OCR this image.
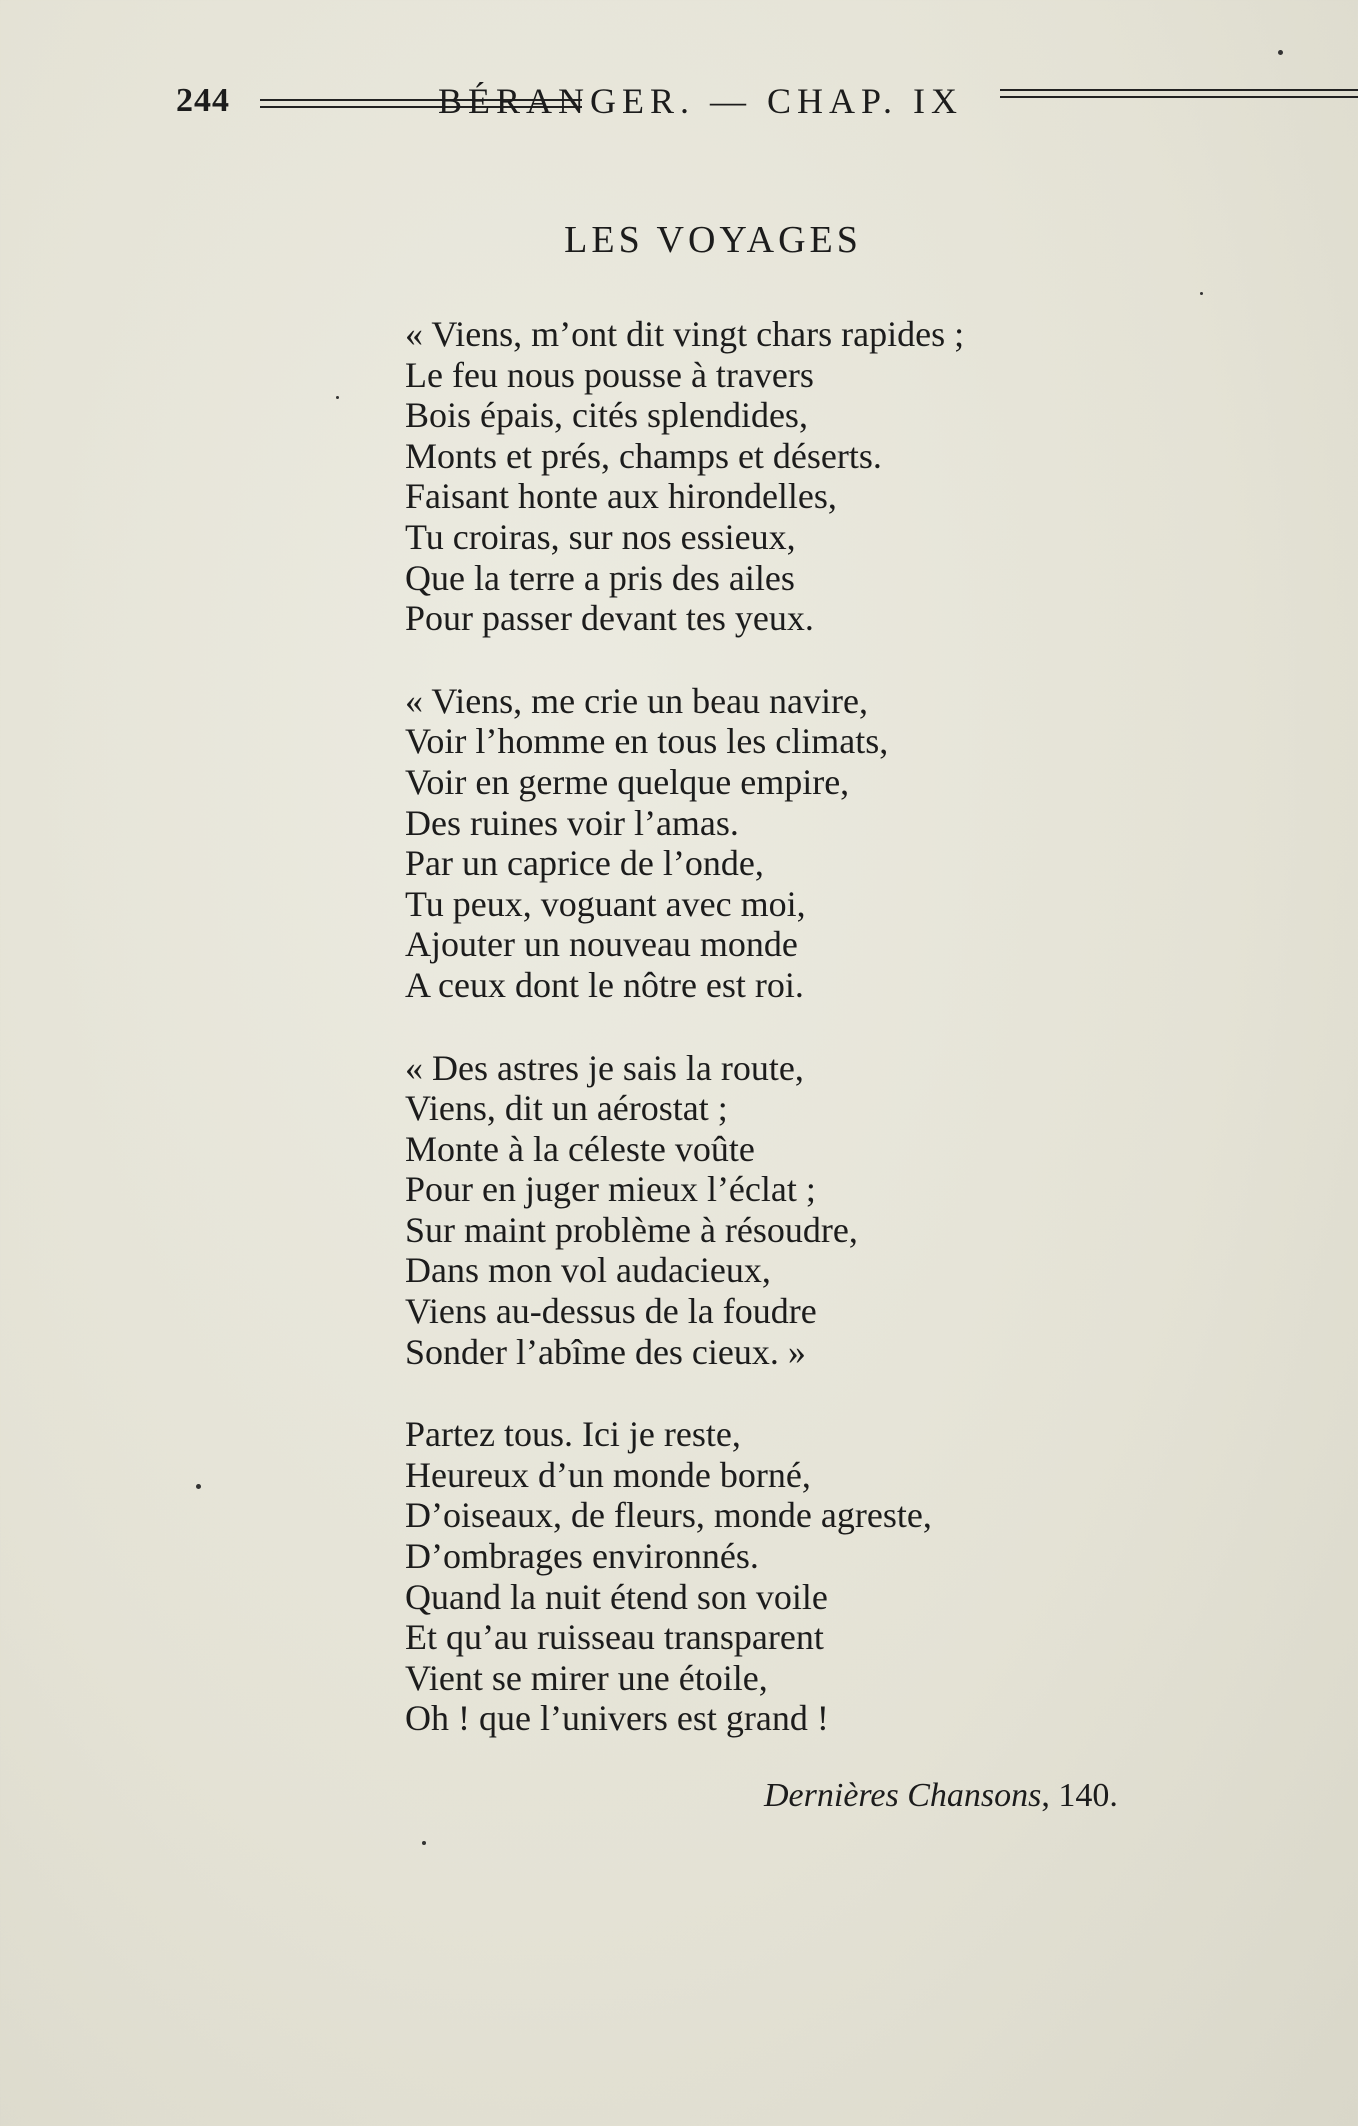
244	BÉRANGER. — CHAP. IX
LES VOYAGES
« Viens, m’ont dit vingt chars rapides ;
Le feu nous pousse à travers
Bois épais, cités splendides,
Monts et prés, champs et déserts.
Faisant honte aux hirondelles,
Tu croiras, sur nos essieux,
Que la terre a pris des ailes
Pour passer devant tes yeux.
« Viens, me crie un beau navire,
Voir l’homme en tous les climats,
Voir en germe quelque empire,
Des ruines voir l’amas.
Par un caprice de l’onde,
Tu peux, voguant avec moi,
Ajouter un nouveau monde
A ceux dont le nôtre est roi.
« Des astres je sais la route,
Viens, dit un aérostat ;
Monte à la céleste voûte
Pour en juger mieux l’éclat ;
Sur maint problème à résoudre,
Dans mon vol audacieux,
Viens au-dessus de la foudre
Sonder l’abîme des cieux. »
Partez tous. Ici je reste,
Heureux d’un monde borné,
D’oiseaux, de fleurs, monde agreste,
D’ombrages environnés.
Quand la nuit étend son voile
Et qu’au ruisseau transparent
Vient se mirer une étoile,
Oh ! que l’univers est grand !
Dernières Chansons, 140.
